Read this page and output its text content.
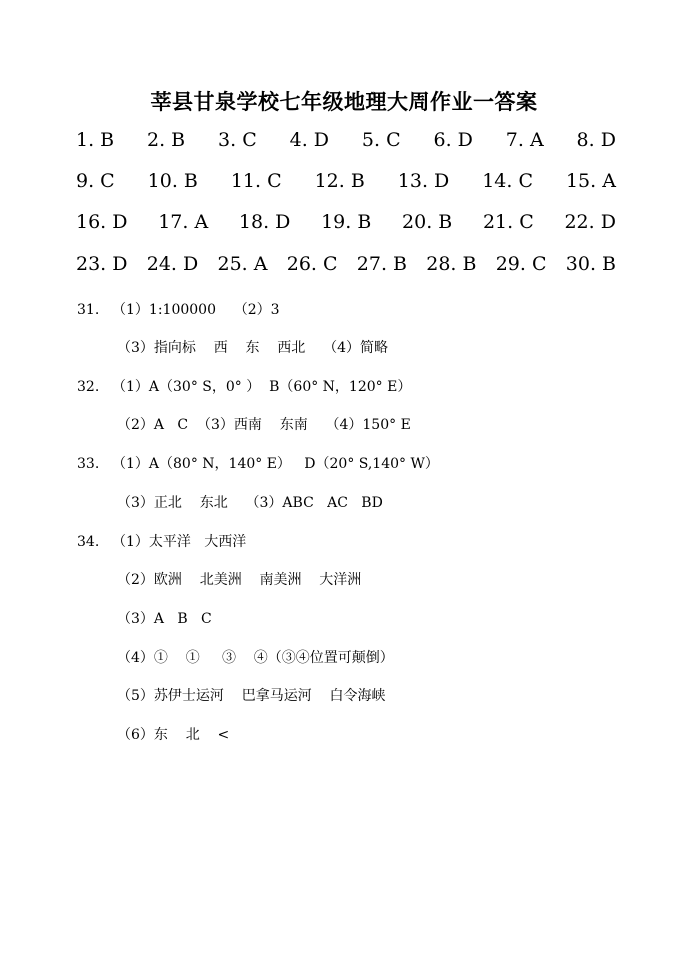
莘县甘泉学校七年级地理大周作业一答案
1. B 2. B 3. C 4. D 5. C 6. D 7. A 8. D
9. C 10. B 11. C 12. B 13. D 14. C 15. A
16. D 17. A 18. D 19. B 20. B 21. C 22. D
23. D 24. D 25. A 26. C 27. B 28. B 29. C 30. B
31. （1）1:100000    （2）3
（3）指向标    西    东    西北    （4）简略
32. （1）A（30° S，0° ）  B（60° N，120° E）
（2）A   C  （3）西南    东南    （4）150° E
33. （1）A（80° N，140° E）   D（20° S,140° W）
（3）正北    东北    （3）ABC   AC   BD
34. （1）太平洋   大西洋
（2）欧洲    北美洲    南美洲    大洋洲
（3）A   B   C
（4）①    ①     ③    ④（③④位置可颠倒）
（5）苏伊士运河    巴拿马运河    白令海峡
（6）东    北    <
